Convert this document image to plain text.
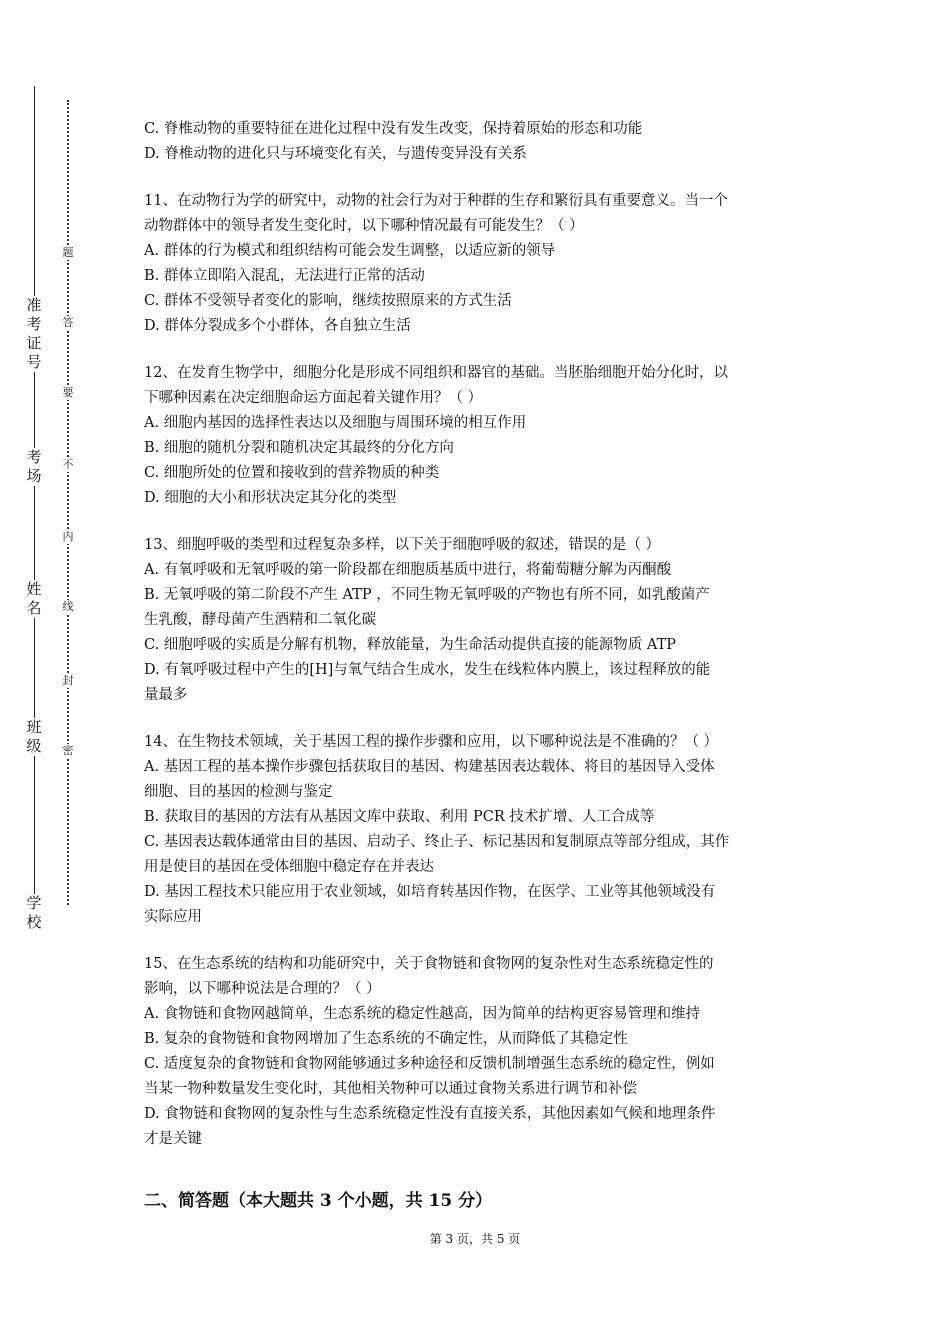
准考证号
考场
姓名
班级
学校
题
答
要
不
内
线
封
密
C. 脊椎动物的重要特征在进化过程中没有发生改变，保持着原始的形态和功能
D. 脊椎动物的进化只与环境变化有关，与遗传变异没有关系
11、在动物行为学的研究中，动物的社会行为对于种群的生存和繁衍具有重要意义。当一个
动物群体中的领导者发生变化时，以下哪种情况最有可能发生？（ ）
A. 群体的行为模式和组织结构可能会发生调整，以适应新的领导
B. 群体立即陷入混乱，无法进行正常的活动
C. 群体不受领导者变化的影响，继续按照原来的方式生活
D. 群体分裂成多个小群体，各自独立生活
12、在发育生物学中，细胞分化是形成不同组织和器官的基础。当胚胎细胞开始分化时，以
下哪种因素在决定细胞命运方面起着关键作用？（ ）
A. 细胞内基因的选择性表达以及细胞与周围环境的相互作用
B. 细胞的随机分裂和随机决定其最终的分化方向
C. 细胞所处的位置和接收到的营养物质的种类
D. 细胞的大小和形状决定其分化的类型
13、细胞呼吸的类型和过程复杂多样，以下关于细胞呼吸的叙述，错误的是（ ）
A. 有氧呼吸和无氧呼吸的第一阶段都在细胞质基质中进行，将葡萄糖分解为丙酮酸
B. 无氧呼吸的第二阶段不产生 ATP ，不同生物无氧呼吸的产物也有所不同，如乳酸菌产
生乳酸，酵母菌产生酒精和二氧化碳
C. 细胞呼吸的实质是分解有机物，释放能量，为生命活动提供直接的能源物质 ATP
D. 有氧呼吸过程中产生的[H]与氧气结合生成水，发生在线粒体内膜上，该过程释放的能
量最多
14、在生物技术领域，关于基因工程的操作步骤和应用，以下哪种说法是不准确的？（ ）
A. 基因工程的基本操作步骤包括获取目的基因、构建基因表达载体、将目的基因导入受体
细胞、目的基因的检测与鉴定
B. 获取目的基因的方法有从基因文库中获取、利用 PCR 技术扩增、人工合成等
C. 基因表达载体通常由目的基因、启动子、终止子、标记基因和复制原点等部分组成，其作
用是使目的基因在受体细胞中稳定存在并表达
D. 基因工程技术只能应用于农业领域，如培育转基因作物，在医学、工业等其他领域没有
实际应用
15、在生态系统的结构和功能研究中，关于食物链和食物网的复杂性对生态系统稳定性的
影响，以下哪种说法是合理的？（ ）
A. 食物链和食物网越简单，生态系统的稳定性越高，因为简单的结构更容易管理和维持
B. 复杂的食物链和食物网增加了生态系统的不确定性，从而降低了其稳定性
C. 适度复杂的食物链和食物网能够通过多种途径和反馈机制增强生态系统的稳定性，例如
当某一物种数量发生变化时，其他相关物种可以通过食物关系进行调节和补偿
D. 食物链和食物网的复杂性与生态系统稳定性没有直接关系，其他因素如气候和地理条件
才是关键
二、简答题（本大题共 3 个小题，共 15 分）
第 3 页，共 5 页
